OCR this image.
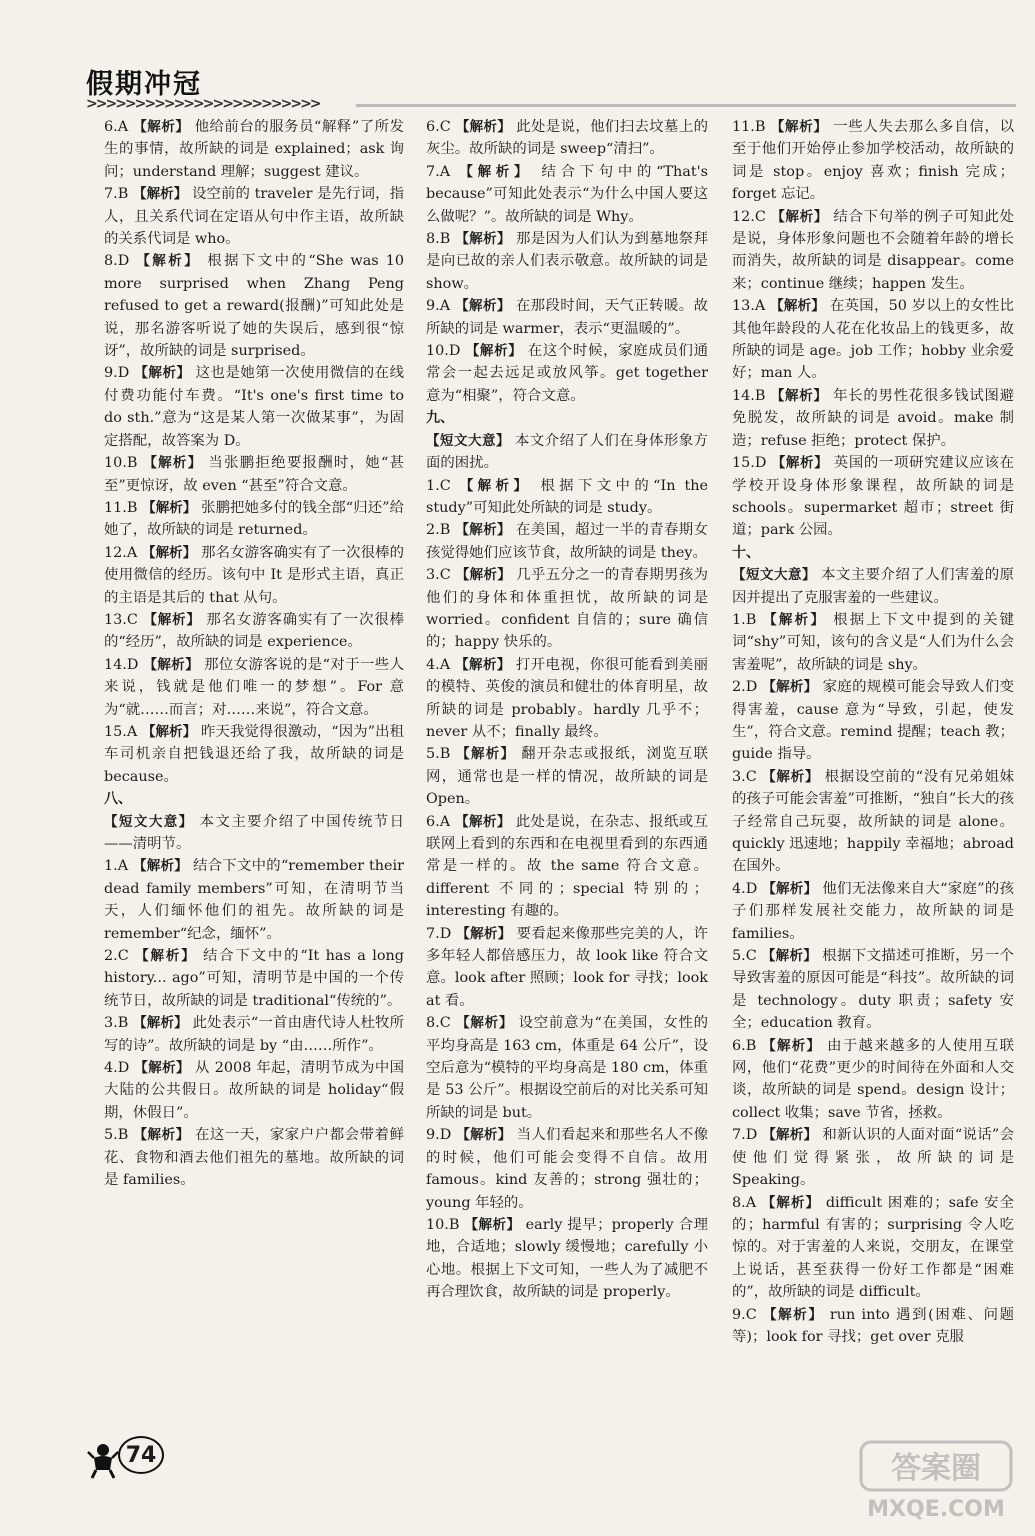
假期冲冠
>>>>>>>>>>>>>>>>>>>>>>>>

6.A 【解析】 他给前台的服务员“解释”了所发生的事情，故所缺的词是 explained；ask 询问；understand 理解；suggest 建议。

7.B 【解析】 设空前的 traveler 是先行词，指人，且关系代词在定语从句中作主语，故所缺的关系代词是 who。

8.D 【解析】 根据下文中的“She was 10 more surprised when Zhang Peng refused to get a reward(报酬)”可知此处是说，那名游客听说了她的失误后，感到很“惊讶”，故所缺的词是 surprised。

9.D 【解析】 这也是她第一次使用微信的在线付费功能付车费。“It's one's first time to do sth.”意为“这是某人第一次做某事”，为固定搭配，故答案为 D。

10.B 【解析】 当张鹏拒绝要报酬时，她“甚至”更惊讶，故 even “甚至”符合文意。

11.B 【解析】 张鹏把她多付的钱全部“归还”给她了，故所缺的词是 returned。

12.A 【解析】 那名女游客确实有了一次很棒的使用微信的经历。该句中 It 是形式主语，真正的主语是其后的 that 从句。

13.C 【解析】 那名女游客确实有了一次很棒的“经历”，故所缺的词是 experience。

14.D 【解析】 那位女游客说的是“对于一些人来说，钱就是他们唯一的梦想”。For 意为“就……而言；对……来说”，符合文意。

15.A 【解析】 昨天我觉得很激动，“因为”出租车司机亲自把钱退还给了我，故所缺的词是 because。

八、

【短文大意】 本文主要介绍了中国传统节日——清明节。

1.A 【解析】 结合下文中的“remember their dead family members”可知，在清明节当天，人们缅怀他们的祖先。故所缺的词是 remember“纪念，缅怀”。

2.C 【解析】 结合下文中的“It has a long history... ago”可知，清明节是中国的一个传统节日，故所缺的词是 traditional“传统的”。

3.B 【解析】 此处表示“一首由唐代诗人杜牧所写的诗”。故所缺的词是 by “由……所作”。

4.D 【解析】 从 2008 年起，清明节成为中国大陆的公共假日。故所缺的词是 holiday“假期，休假日”。

5.B 【解析】 在这一天，家家户户都会带着鲜花、食物和酒去他们祖先的墓地。故所缺的词是 families。

6.C 【解析】 此处是说，他们扫去坟墓上的灰尘。故所缺的词是 sweep“清扫”。

7.A 【解析】 结合下句中的“That's because”可知此处表示“为什么中国人要这么做呢？”。故所缺的词是 Why。

8.B 【解析】 那是因为人们认为到墓地祭拜是向已故的亲人们表示敬意。故所缺的词是 show。

9.A 【解析】 在那段时间，天气正转暖。故所缺的词是 warmer，表示“更温暖的”。

10.D 【解析】 在这个时候，家庭成员们通常会一起去远足或放风筝。get together 意为“相聚”，符合文意。

九、

【短文大意】 本文介绍了人们在身体形象方面的困扰。

1.C 【解析】 根据下文中的“In the study”可知此处所缺的词是 study。

2.B 【解析】 在美国，超过一半的青春期女孩觉得她们应该节食，故所缺的词是 they。

3.C 【解析】 几乎五分之一的青春期男孩为他们的身体和体重担忧，故所缺的词是 worried。confident 自信的；sure 确信的；happy 快乐的。

4.A 【解析】 打开电视，你很可能看到美丽的模特、英俊的演员和健壮的体育明星，故所缺的词是 probably。hardly 几乎不；never 从不；finally 最终。

5.B 【解析】 翻开杂志或报纸，浏览互联网，通常也是一样的情况，故所缺的词是 Open。

6.A 【解析】 此处是说，在杂志、报纸或互联网上看到的东西和在电视里看到的东西通常是一样的。故 the same 符合文意。different 不同的；special 特别的；interesting 有趣的。

7.D 【解析】 要看起来像那些完美的人，许多年轻人都倍感压力，故 look like 符合文意。look after 照顾；look for 寻找；look at 看。

8.C 【解析】 设空前意为“在美国，女性的平均身高是 163 cm，体重是 64 公斤”，设空后意为“模特的平均身高是 180 cm，体重是 53 公斤”。根据设空前后的对比关系可知所缺的词是 but。

9.D 【解析】 当人们看起来和那些名人不像的时候，他们可能会变得不自信。故用 famous。kind 友善的；strong 强壮的；young 年轻的。

10.B 【解析】 early 提早；properly 合理地，合适地；slowly 缓慢地；carefully 小心地。根据上下文可知，一些人为了减肥不再合理饮食，故所缺的词是 properly。

11.B 【解析】 一些人失去那么多自信，以至于他们开始停止参加学校活动，故所缺的词是 stop。enjoy 喜欢；finish 完成；forget 忘记。

12.C 【解析】 结合下句举的例子可知此处是说，身体形象问题也不会随着年龄的增长而消失，故所缺的词是 disappear。come 来；continue 继续；happen 发生。

13.A 【解析】 在英国，50 岁以上的女性比其他年龄段的人花在化妆品上的钱更多，故所缺的词是 age。job 工作；hobby 业余爱好；man 人。

14.B 【解析】 年长的男性花很多钱试图避免脱发，故所缺的词是 avoid。make 制造；refuse 拒绝；protect 保护。

15.D 【解析】 英国的一项研究建议应该在学校开设身体形象课程，故所缺的词是 schools。supermarket 超市；street 街道；park 公园。

十、

【短文大意】 本文主要介绍了人们害羞的原因并提出了克服害羞的一些建议。

1.B 【解析】 根据上下文中提到的关键词“shy”可知，该句的含义是“人们为什么会害羞呢”，故所缺的词是 shy。

2.D 【解析】 家庭的规模可能会导致人们变得害羞，cause 意为“导致，引起，使发生”，符合文意。remind 提醒；teach 教；guide 指导。

3.C 【解析】 根据设空前的“没有兄弟姐妹的孩子可能会害羞”可推断，“独自”长大的孩子经常自己玩耍，故所缺的词是 alone。quickly 迅速地；happily 幸福地；abroad 在国外。

4.D 【解析】 他们无法像来自大“家庭”的孩子们那样发展社交能力，故所缺的词是 families。

5.C 【解析】 根据下文描述可推断，另一个导致害羞的原因可能是“科技”。故所缺的词是 technology。duty 职责；safety 安全；education 教育。

6.B 【解析】 由于越来越多的人使用互联网，他们“花费”更少的时间待在外面和人交谈，故所缺的词是 spend。design 设计；collect 收集；save 节省，拯救。

7.D 【解析】 和新认识的人面对面“说话”会使他们觉得紧张，故所缺的词是 Speaking。

8.A 【解析】 difficult 困难的；safe 安全的；harmful 有害的；surprising 令人吃惊的。对于害羞的人来说，交朋友，在课堂上说话，甚至获得一份好工作都是“困难的”，故所缺的词是 difficult。

9.C 【解析】 run into 遇到(困难、问题等)；look for 寻找；get over 克服

74	答案圈
MXQE.COM
